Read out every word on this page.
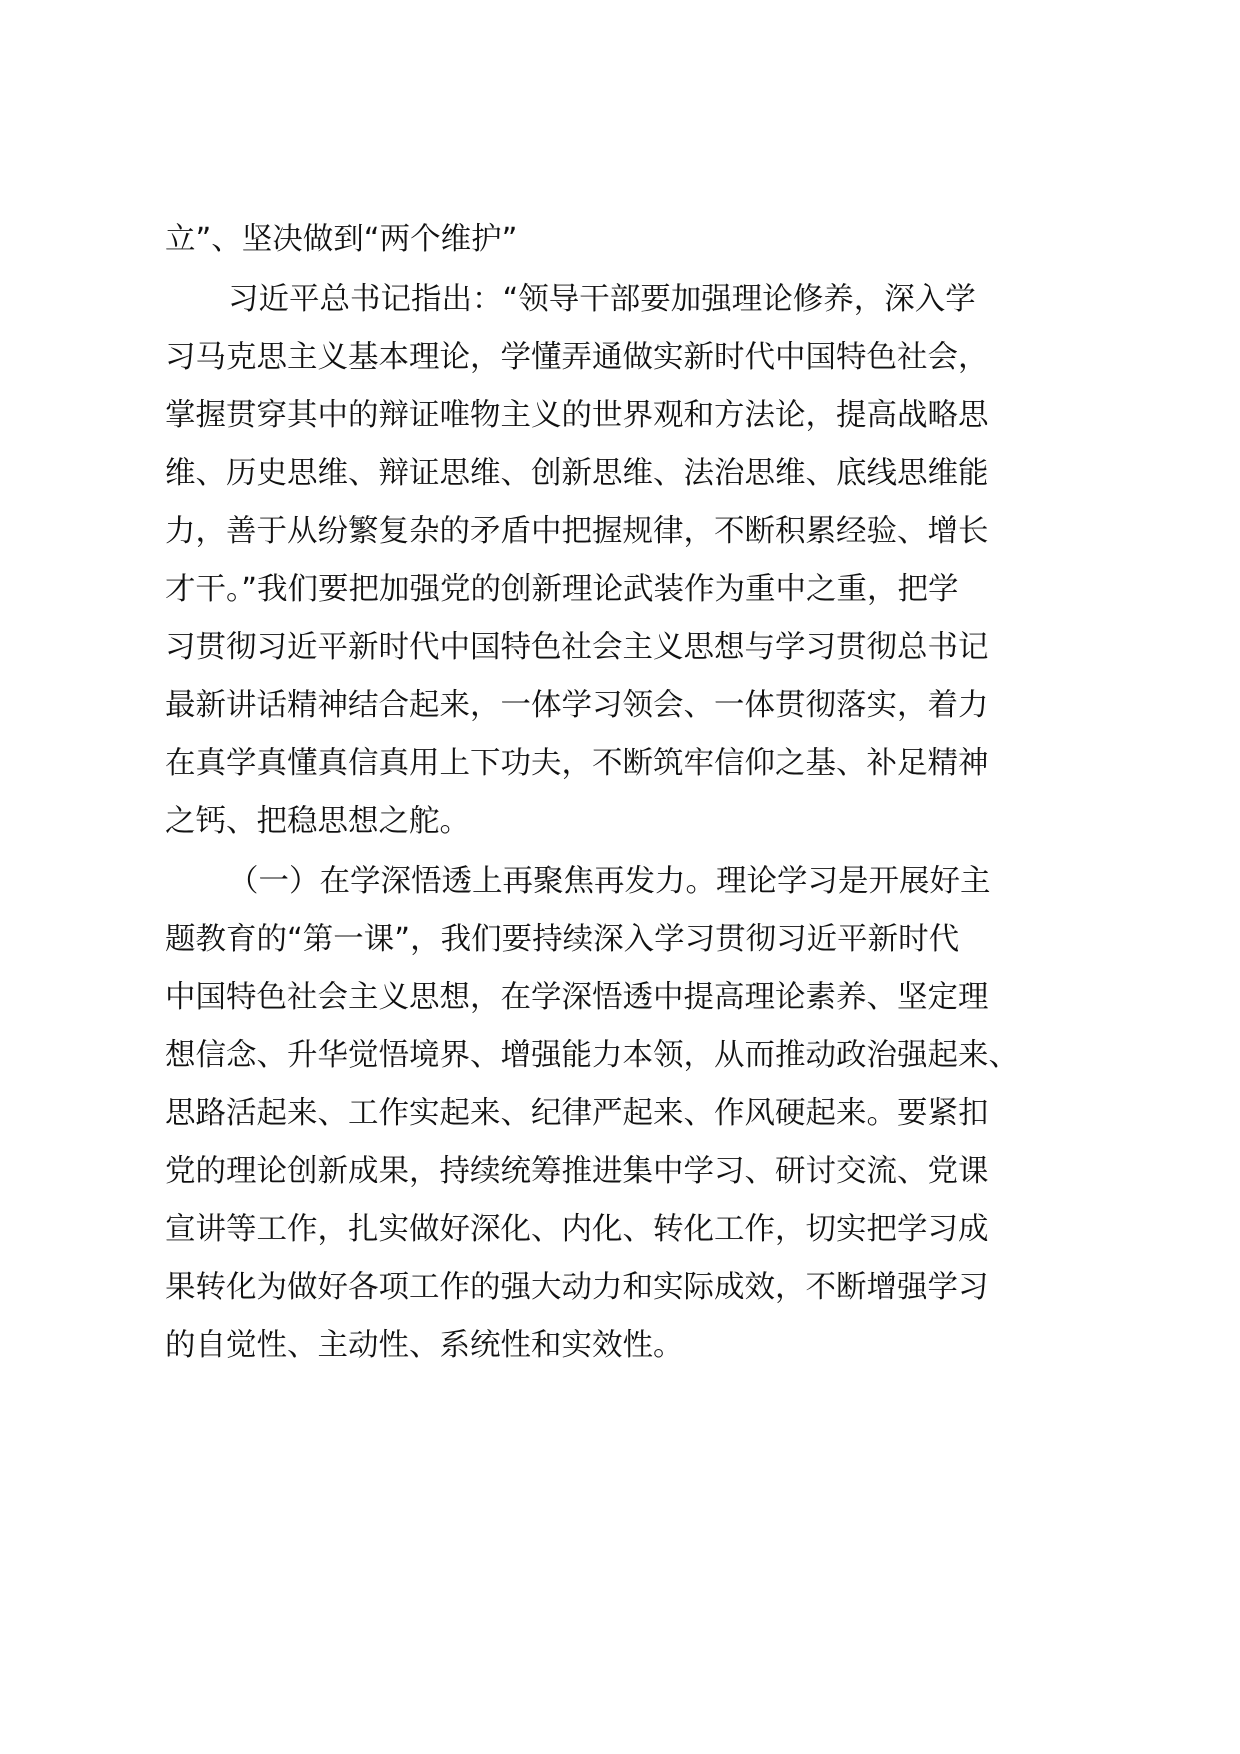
立”、坚决做到“两个维护”
习近平总书记指出：“领导干部要加强理论修养，深入学
习马克思主义基本理论，学懂弄通做实新时代中国特色社会，
掌握贯穿其中的辩证唯物主义的世界观和方法论，提高战略思
维、历史思维、辩证思维、创新思维、法治思维、底线思维能
力，善于从纷繁复杂的矛盾中把握规律，不断积累经验、增长
才干。”我们要把加强党的创新理论武装作为重中之重，把学
习贯彻习近平新时代中国特色社会主义思想与学习贯彻总书记
最新讲话精神结合起来，一体学习领会、一体贯彻落实，着力
在真学真懂真信真用上下功夫，不断筑牢信仰之基、补足精神
之钙、把稳思想之舵。
（一）在学深悟透上再聚焦再发力。理论学习是开展好主
题教育的“第一课”，我们要持续深入学习贯彻习近平新时代
中国特色社会主义思想，在学深悟透中提高理论素养、坚定理
想信念、升华觉悟境界、增强能力本领，从而推动政治强起来、
思路活起来、工作实起来、纪律严起来、作风硬起来。要紧扣
党的理论创新成果，持续统筹推进集中学习、研讨交流、党课
宣讲等工作，扎实做好深化、内化、转化工作，切实把学习成
果转化为做好各项工作的强大动力和实际成效，不断增强学习
的自觉性、主动性、系统性和实效性。
